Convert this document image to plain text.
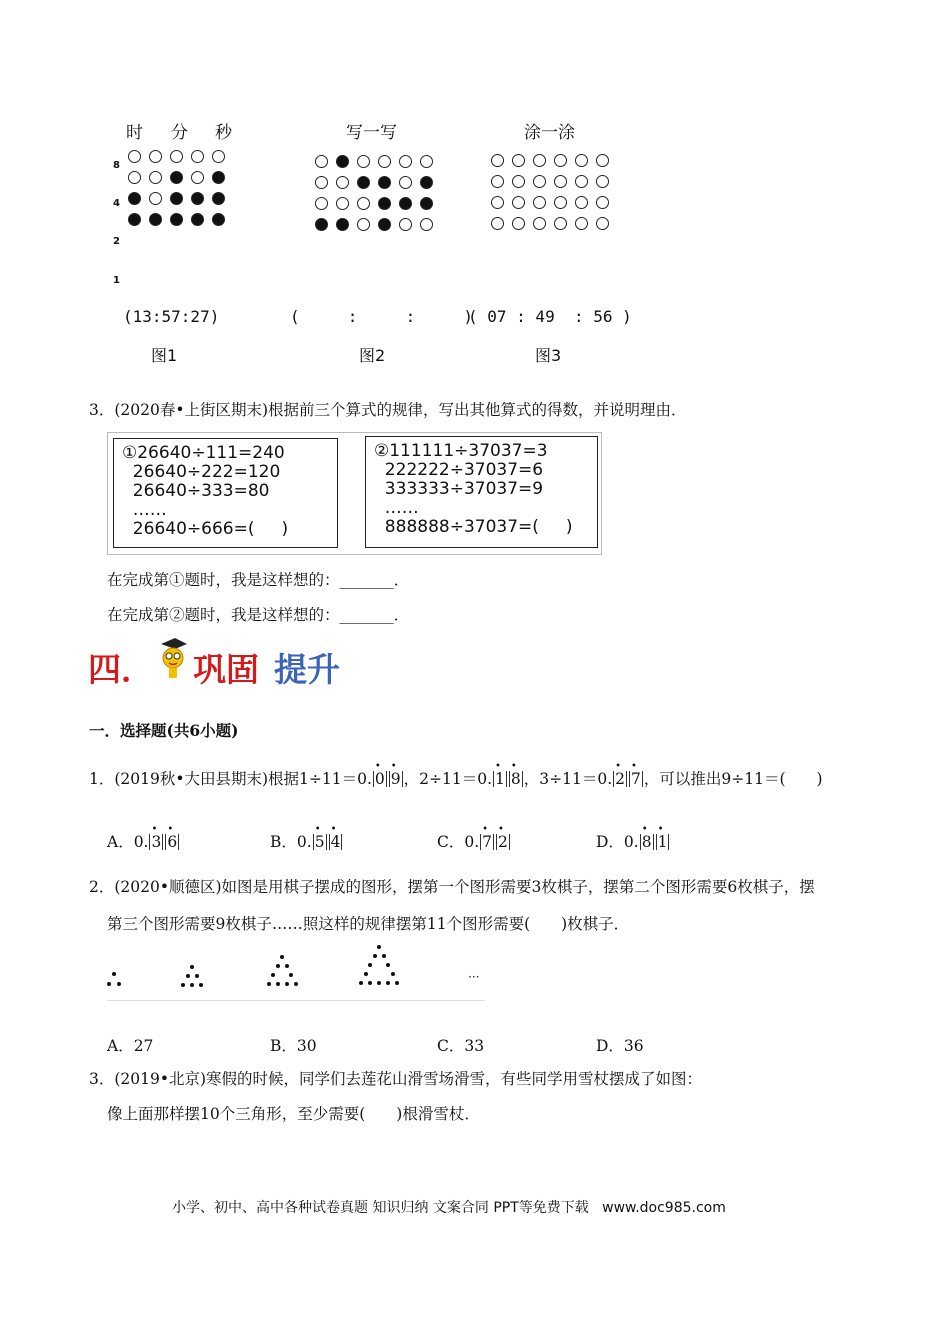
时 分 秒	写一写	涂一涂
8
4
2
1
(13:57:27)	(     :     :     )
( 07 : 49  : 56 )
图1	图2	图3
3．(2020春•上街区期末)根据前三个算式的规律，写出其他算式的得数，并说明理由．
①26640÷111=240
26640÷222=120
26640÷333=80
……
26640÷666=(     )
②111111÷37037=3
222222÷37037=6
333333÷37037=9
……
888888÷37037=(     )
在完成第①题时，我是这样想的：_______．
在完成第②题时，我是这样想的：_______．
四． 巩固 提升
一．选择题(共6小题)
1．(2019秋•大田县期末)根据1÷11＝0. • 0 • 9 ，2÷11＝0. • 1 • 8 ，3÷11＝0. • 2 • 7 ，可以推出9÷11＝(　　)
A．0. • 3 • 6	B．0. • 5 • 4	C．0. • 7 • 2	D．0. • 8 • 1
2．(2020•顺德区)如图是用棋子摆成的图形，摆第一个图形需要3枚棋子，摆第二个图形需要6枚棋子，摆
第三个图形需要9枚棋子……照这样的规律摆第11个图形需要(　　)枚棋子．
···
A．27	B．30	C．33	D．36
3．(2019•北京)寒假的时候，同学们去莲花山滑雪场滑雪，有些同学用雪杖摆成了如图：
像上面那样摆10个三角形，至少需要(　　)根滑雪杖．
小学、初中、高中各种试卷真题 知识归纳 文案合同 PPT等免费下载   www.doc985.com
